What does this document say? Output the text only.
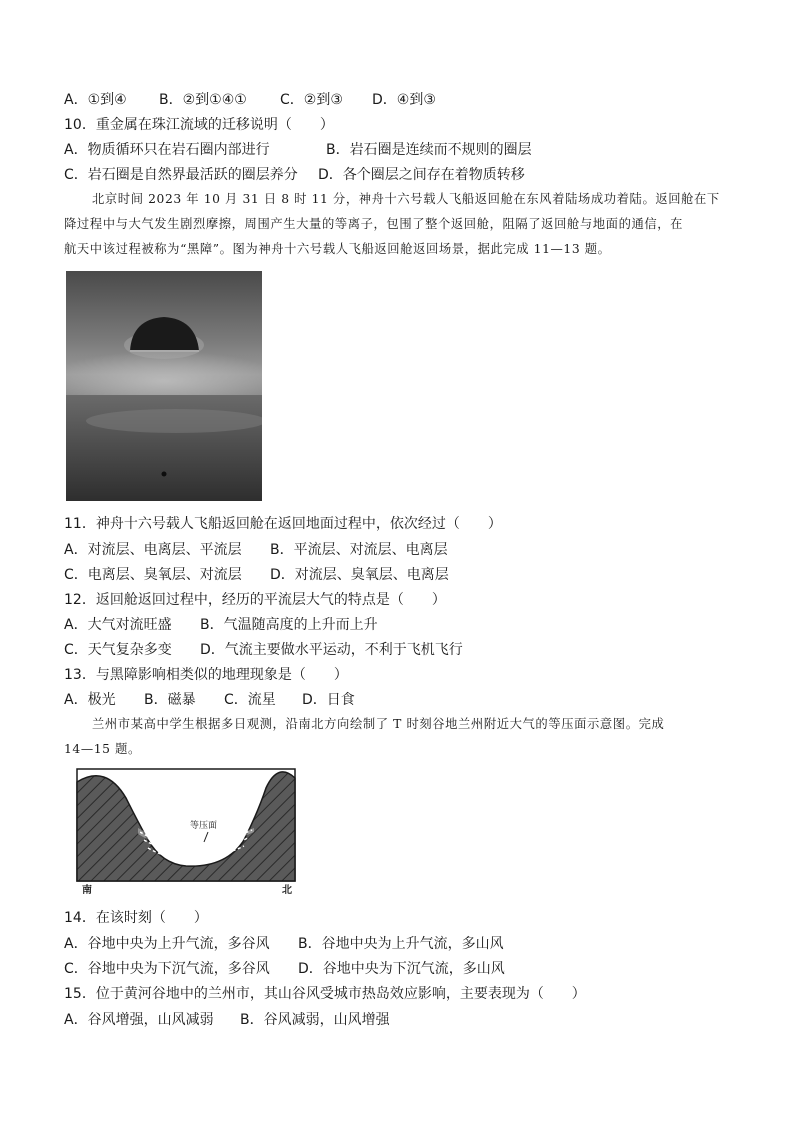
A．①到④ B．②到①④① C．②到③ D．④到③
10．重金属在珠江流域的迁移说明（　　）
A．物质循环只在岩石圈内部进行	B．岩石圈是连续而不规则的圈层
C．岩石圈是自然界最活跃的圈层养分 D．各个圈层之间存在着物质转移
北京时间 2023 年 10 月 31 日 8 时 11 分，神舟十六号载人飞船返回舱在东风着陆场成功着陆。返回舱在下
降过程中与大气发生剧烈摩擦，周围产生大量的等离子，包围了整个返回舱，阻隔了返回舱与地面的通信，在
航天中该过程被称为“黑障”。图为神舟十六号载人飞船返回舱返回场景，据此完成 11—13 题。
11．神舟十六号载人飞船返回舱在返回地面过程中，依次经过（　　）
A．对流层、电离层、平流层 B．平流层、对流层、电离层
C．电离层、臭氧层、对流层 D．对流层、臭氧层、电离层
12．返回舱返回过程中，经历的平流层大气的特点是（　　）
A．大气对流旺盛 B．气温随高度的上升而上升
C．天气复杂多变 D．气流主要做水平运动，不利于飞机飞行
13．与黑障影响相类似的地理现象是（　　）
A．极光 B．磁暴 C．流星 D．日食
兰州市某高中学生根据多日观测，沿南北方向绘制了 T 时刻谷地兰州附近大气的等压面示意图。完成
14—15 题。
等压面
南	北
14．在该时刻（　　）
A．谷地中央为上升气流，多谷风 B．谷地中央为上升气流，多山风
C．谷地中央为下沉气流，多谷风 D．谷地中央为下沉气流，多山风
15．位于黄河谷地中的兰州市，其山谷风受城市热岛效应影响，主要表现为（　　）
A．谷风增强，山风减弱 B．谷风减弱，山风增强
